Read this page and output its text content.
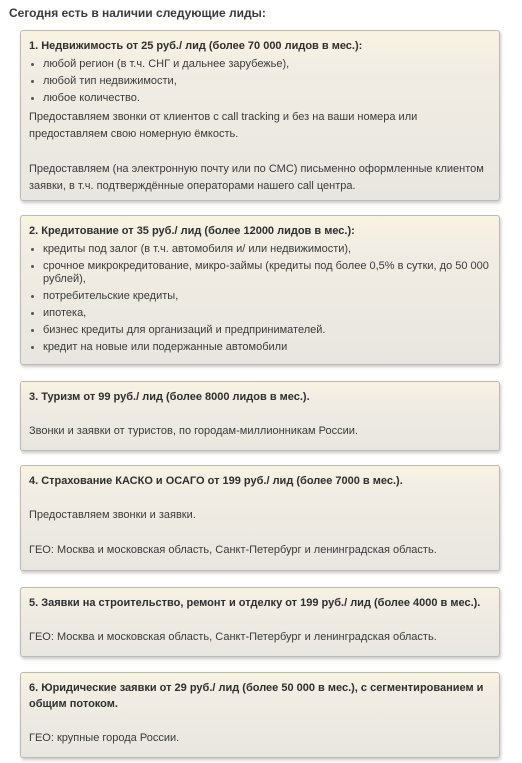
Сегодня есть в наличии следующие лиды:
1. Недвижимость от 25 руб./ лид (более 70 000 лидов в мес.):
любой регион (в т.ч. СНГ и дальнее зарубежье),
любой тип недвижимости,
любое количество.

Предоставляем звонки от клиентов с call tracking и без на ваши номера или предоставляем свою номерную ёмкость.

Предоставляем (на электронную почту или по СМС) письменно оформленные клиентом заявки, в т.ч. подтверждённые операторами нашего call центра.

2. Кредитование от 35 руб./ лид (более 12000 лидов в мес.):
кредиты под залог (в т.ч. автомобиля и/ или недвижимости),
срочное микрокредитование, микро-займы (кредиты под более 0,5% в сутки, до 50 000 рублей),
потребительские кредиты,
ипотека,
бизнес кредиты для организаций и предпринимателей.
кредит на новые или подержанные автомобили
3. Туризм от 99 руб./ лид (более 8000 лидов в мес.).

Звонки и заявки от туристов, по городам-миллионникам России.

4. Страхование КАСКО и ОСАГО от 199 руб./ лид (более 7000 в мес.).

Предоставляем звонки и заявки.

ГЕО: Москва и московская область, Санкт-Петербург и ленинградская область.

5. Заявки на строительство, ремонт и отделку от 199 руб./ лид (более 4000 в мес.).

ГЕО: Москва и московская область, Санкт-Петербург и ленинградская область.

6. Юридические заявки от 29 руб./ лид (более 50 000 в мес.), с сегментированием и общим потоком.

ГЕО: крупные города России.
